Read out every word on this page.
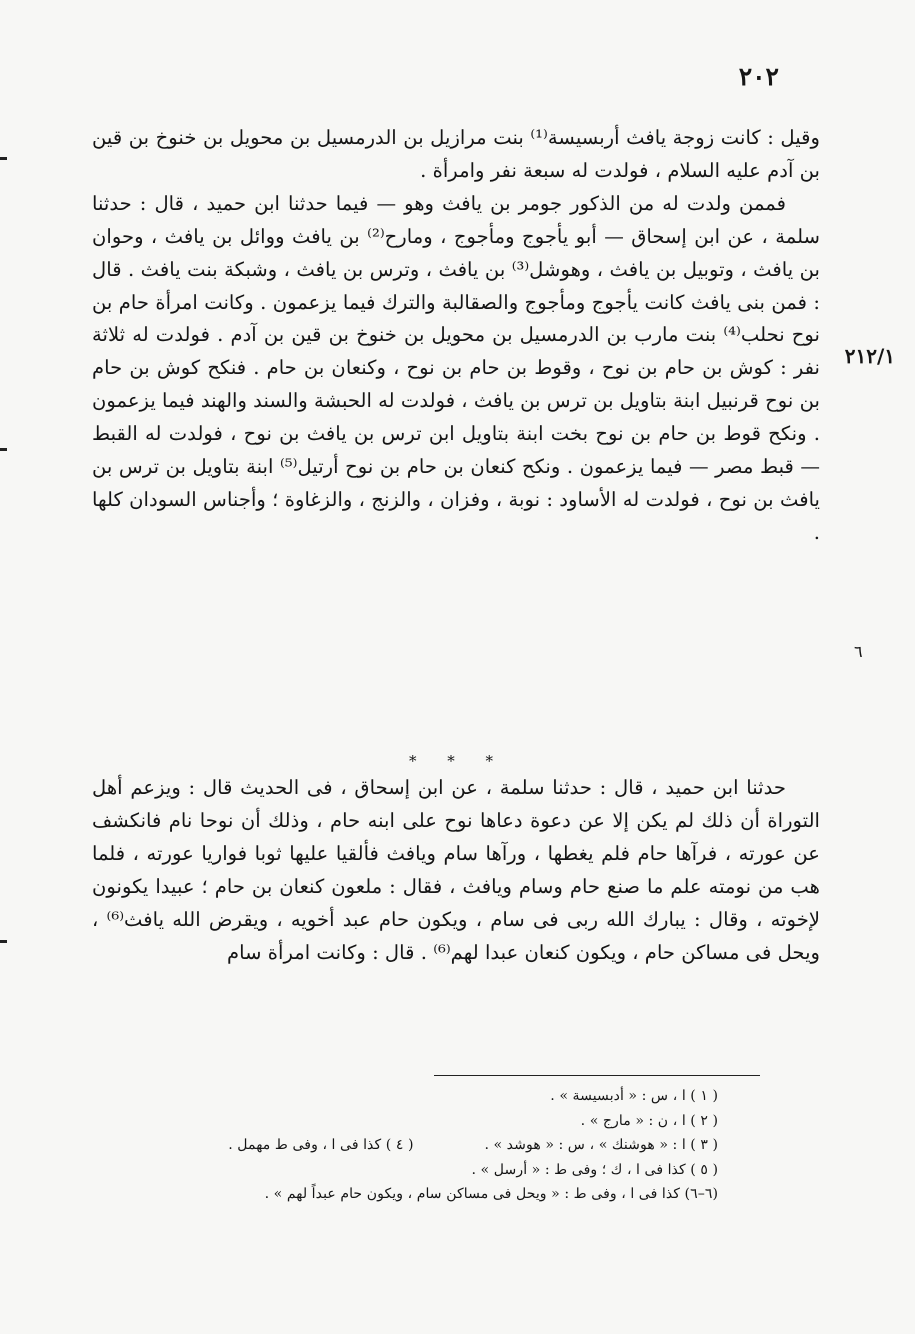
٢٠٢
٢١٢/١
٦

وقيل : كانت زوجة يافث أربسيسة⁽¹⁾ بنت مرازيل بن الدرمسيل بن محويل بن خنوخ بن قين بن آدم عليه السلام ، فولدت له سبعة نفر وامرأة .

فممن ولدت له من الذكور جومر بن يافث وهو — فيما حدثنا ابن حميد ، قال : حدثنا سلمة ، عن ابن إسحاق — أبو يأجوج ومأجوج ، ومارح⁽²⁾ بن يافث ووائل بن يافث ، وحوان بن يافث ، وتوبيل بن يافث ، وهوشل⁽³⁾ بن يافث ، وترس بن يافث ، وشبكة بنت يافث . قال : فمن بنى يافث كانت يأجوج ومأجوج والصقالبة والترك فيما يزعمون . وكانت امرأة حام بن نوح نحلب⁽⁴⁾ بنت مارب بن الدرمسيل بن محويل بن خنوخ بن قين بن آدم . فولدت له ثلاثة نفر : كوش بن حام بن نوح ، وقوط بن حام بن نوح ، وكنعان بن حام . فنكح كوش بن حام بن نوح قرنبيل ابنة بتاويل بن ترس بن يافث ، فولدت له الحبشة والسند والهند فيما يزعمون . ونكح قوط بن حام بن نوح بخت ابنة بتاويل ابن ترس بن يافث بن نوح ، فولدت له القبط — قبط مصر — فيما يزعمون . ونكح كنعان بن حام بن نوح أرتيل⁽⁵⁾ ابنة بتاويل بن ترس بن يافث بن نوح ، فولدت له الأساود : نوبة ، وفزان ، والزنج ، والزغاوة ؛ وأجناس السودان كلها .

* * *

حدثنا ابن حميد ، قال : حدثنا سلمة ، عن ابن إسحاق ، فى الحديث قال : ويزعم أهل التوراة أن ذلك لم يكن إلا عن دعوة دعاها نوح على ابنه حام ، وذلك أن نوحا نام فانكشف عن عورته ، فرآها حام فلم يغطها ، ورآها سام ويافث فألقيا عليها ثوبا فواريا عورته ، فلما هب من نومته علم ما صنع حام وسام ويافث ، فقال : ملعون كنعان بن حام ؛ عبيدا يكونون لإخوته ، وقال : يبارك الله ربى فى سام ، ويكون حام عبد أخويه ، ويقرض الله يافث⁽⁶⁾ ، ويحل فى مساكن حام ، ويكون كنعان عبدا لهم⁽⁶⁾ . قال : وكانت امرأة سام

( ١ ) ا ، س : « أدبسيسة » .
( ٢ ) ا ، ن : « مارج » .
( ٣ ) ا : « هوشنك » ، س : « هوشد » . ( ٤ ) كذا فى ا ، وفى ط مهمل .
( ٥ ) كذا فى ا ، ك ؛ وفى ط : « أرسل » .
(٦–٦) كذا فى ا ، وفى ط : « ويحل فى مساكن سام ، ويكون حام عبداً لهم » .
